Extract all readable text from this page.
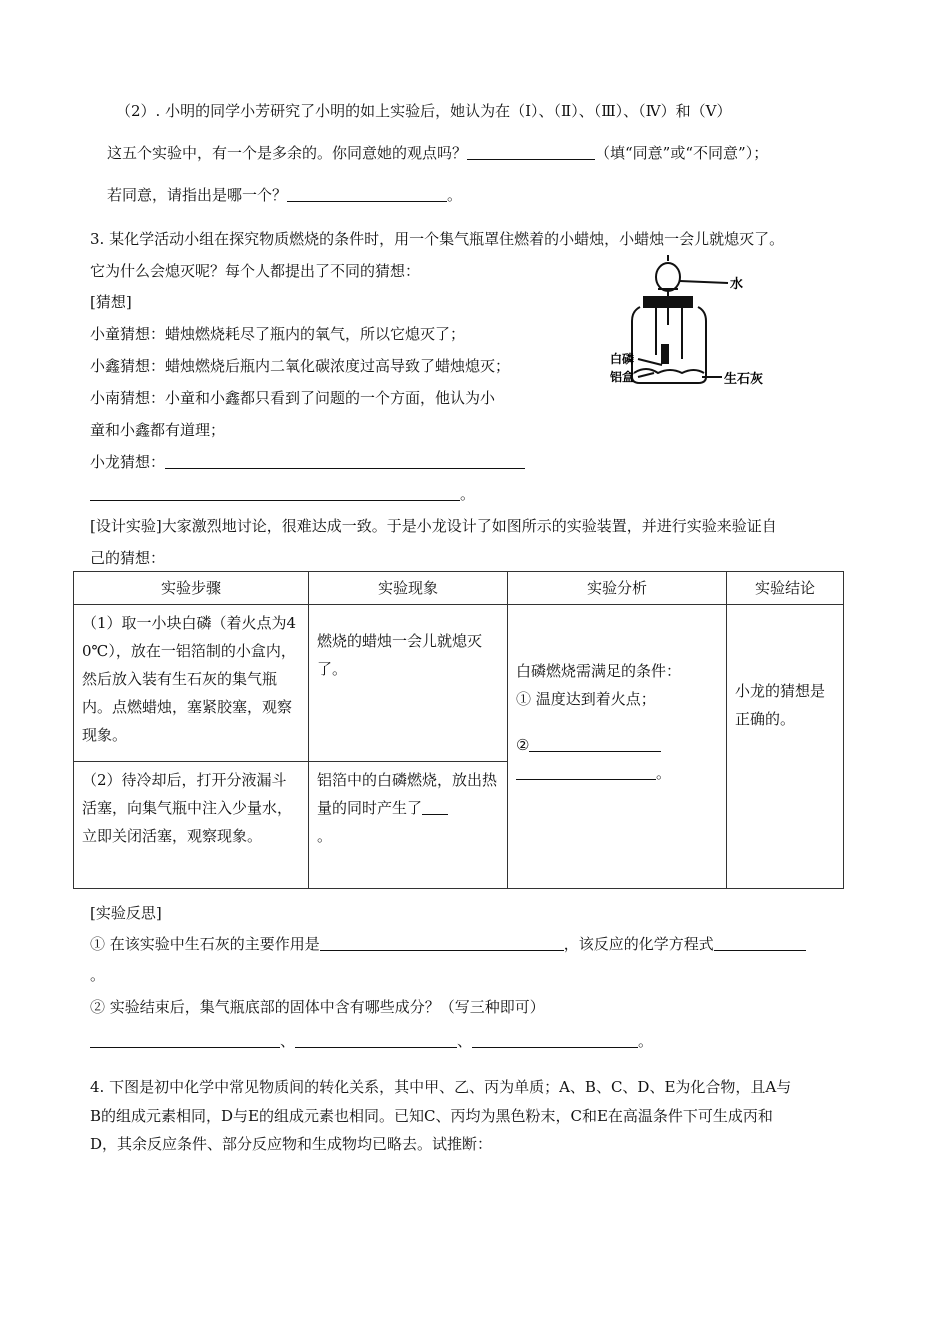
（2）. 小明的同学小芳研究了小明的如上实验后，她认为在（Ⅰ）、（Ⅱ）、（Ⅲ）、（Ⅳ）和（Ⅴ）
这五个实验中，有一个是多余的。你同意她的观点吗？	（填“同意”或“不同意”）；
若同意，请指出是哪一个？	。
3. 某化学活动小组在探究物质燃烧的条件时，用一个集气瓶罩住燃着的小蜡烛，小蜡烛一会儿就熄灭了。
它为什么会熄灭呢？每个人都提出了不同的猜想：
[猜想]
小童猜想：蜡烛燃烧耗尽了瓶内的氧气，所以它熄灭了；
小鑫猜想：蜡烛燃烧后瓶内二氧化碳浓度过高导致了蜡烛熄灭；
小南猜想：小童和小鑫都只看到了问题的一个方面，他认为小
童和小鑫都有道理；
小龙猜想：
。
[设计实验]大家激烈地讨论，很难达成一致。于是小龙设计了如图所示的实验装置，并进行实验来验证自
己的猜想：
水
白磷
铝盒	生石灰
实验步骤	实验现象	实验分析	实验结论
（1）取一小块白磷（着火点为40℃），放在一铝箔制的小盒内，然后放入装有生石灰的集气瓶内。点燃蜡烛，塞紧胶塞，观察现象。	燃烧的蜡烛一会儿就熄灭了。	白磷燃烧需满足的条件：
① 温度达到着火点；
②
。	小龙的猜想是正确的。
（2）待冷却后，打开分液漏斗活塞，向集气瓶中注入少量水，立即关闭活塞，观察现象。	铝箔中的白磷燃烧，放出热量的同时产生了
。		
[实验反思]
① 在该实验中生石灰的主要作用是	，该反应的化学方程式
。
② 实验结束后，集气瓶底部的固体中含有哪些成分？（写三种即可）
、	、	。
4. 下图是初中化学中常见物质间的转化关系，其中甲、乙、丙为单质；A、B、C、D、E为化合物，且A与
B的组成元素相同，D与E的组成元素也相同。已知C、丙均为黑色粉末，C和E在高温条件下可生成丙和
D，其余反应条件、部分反应物和生成物均已略去。试推断：
